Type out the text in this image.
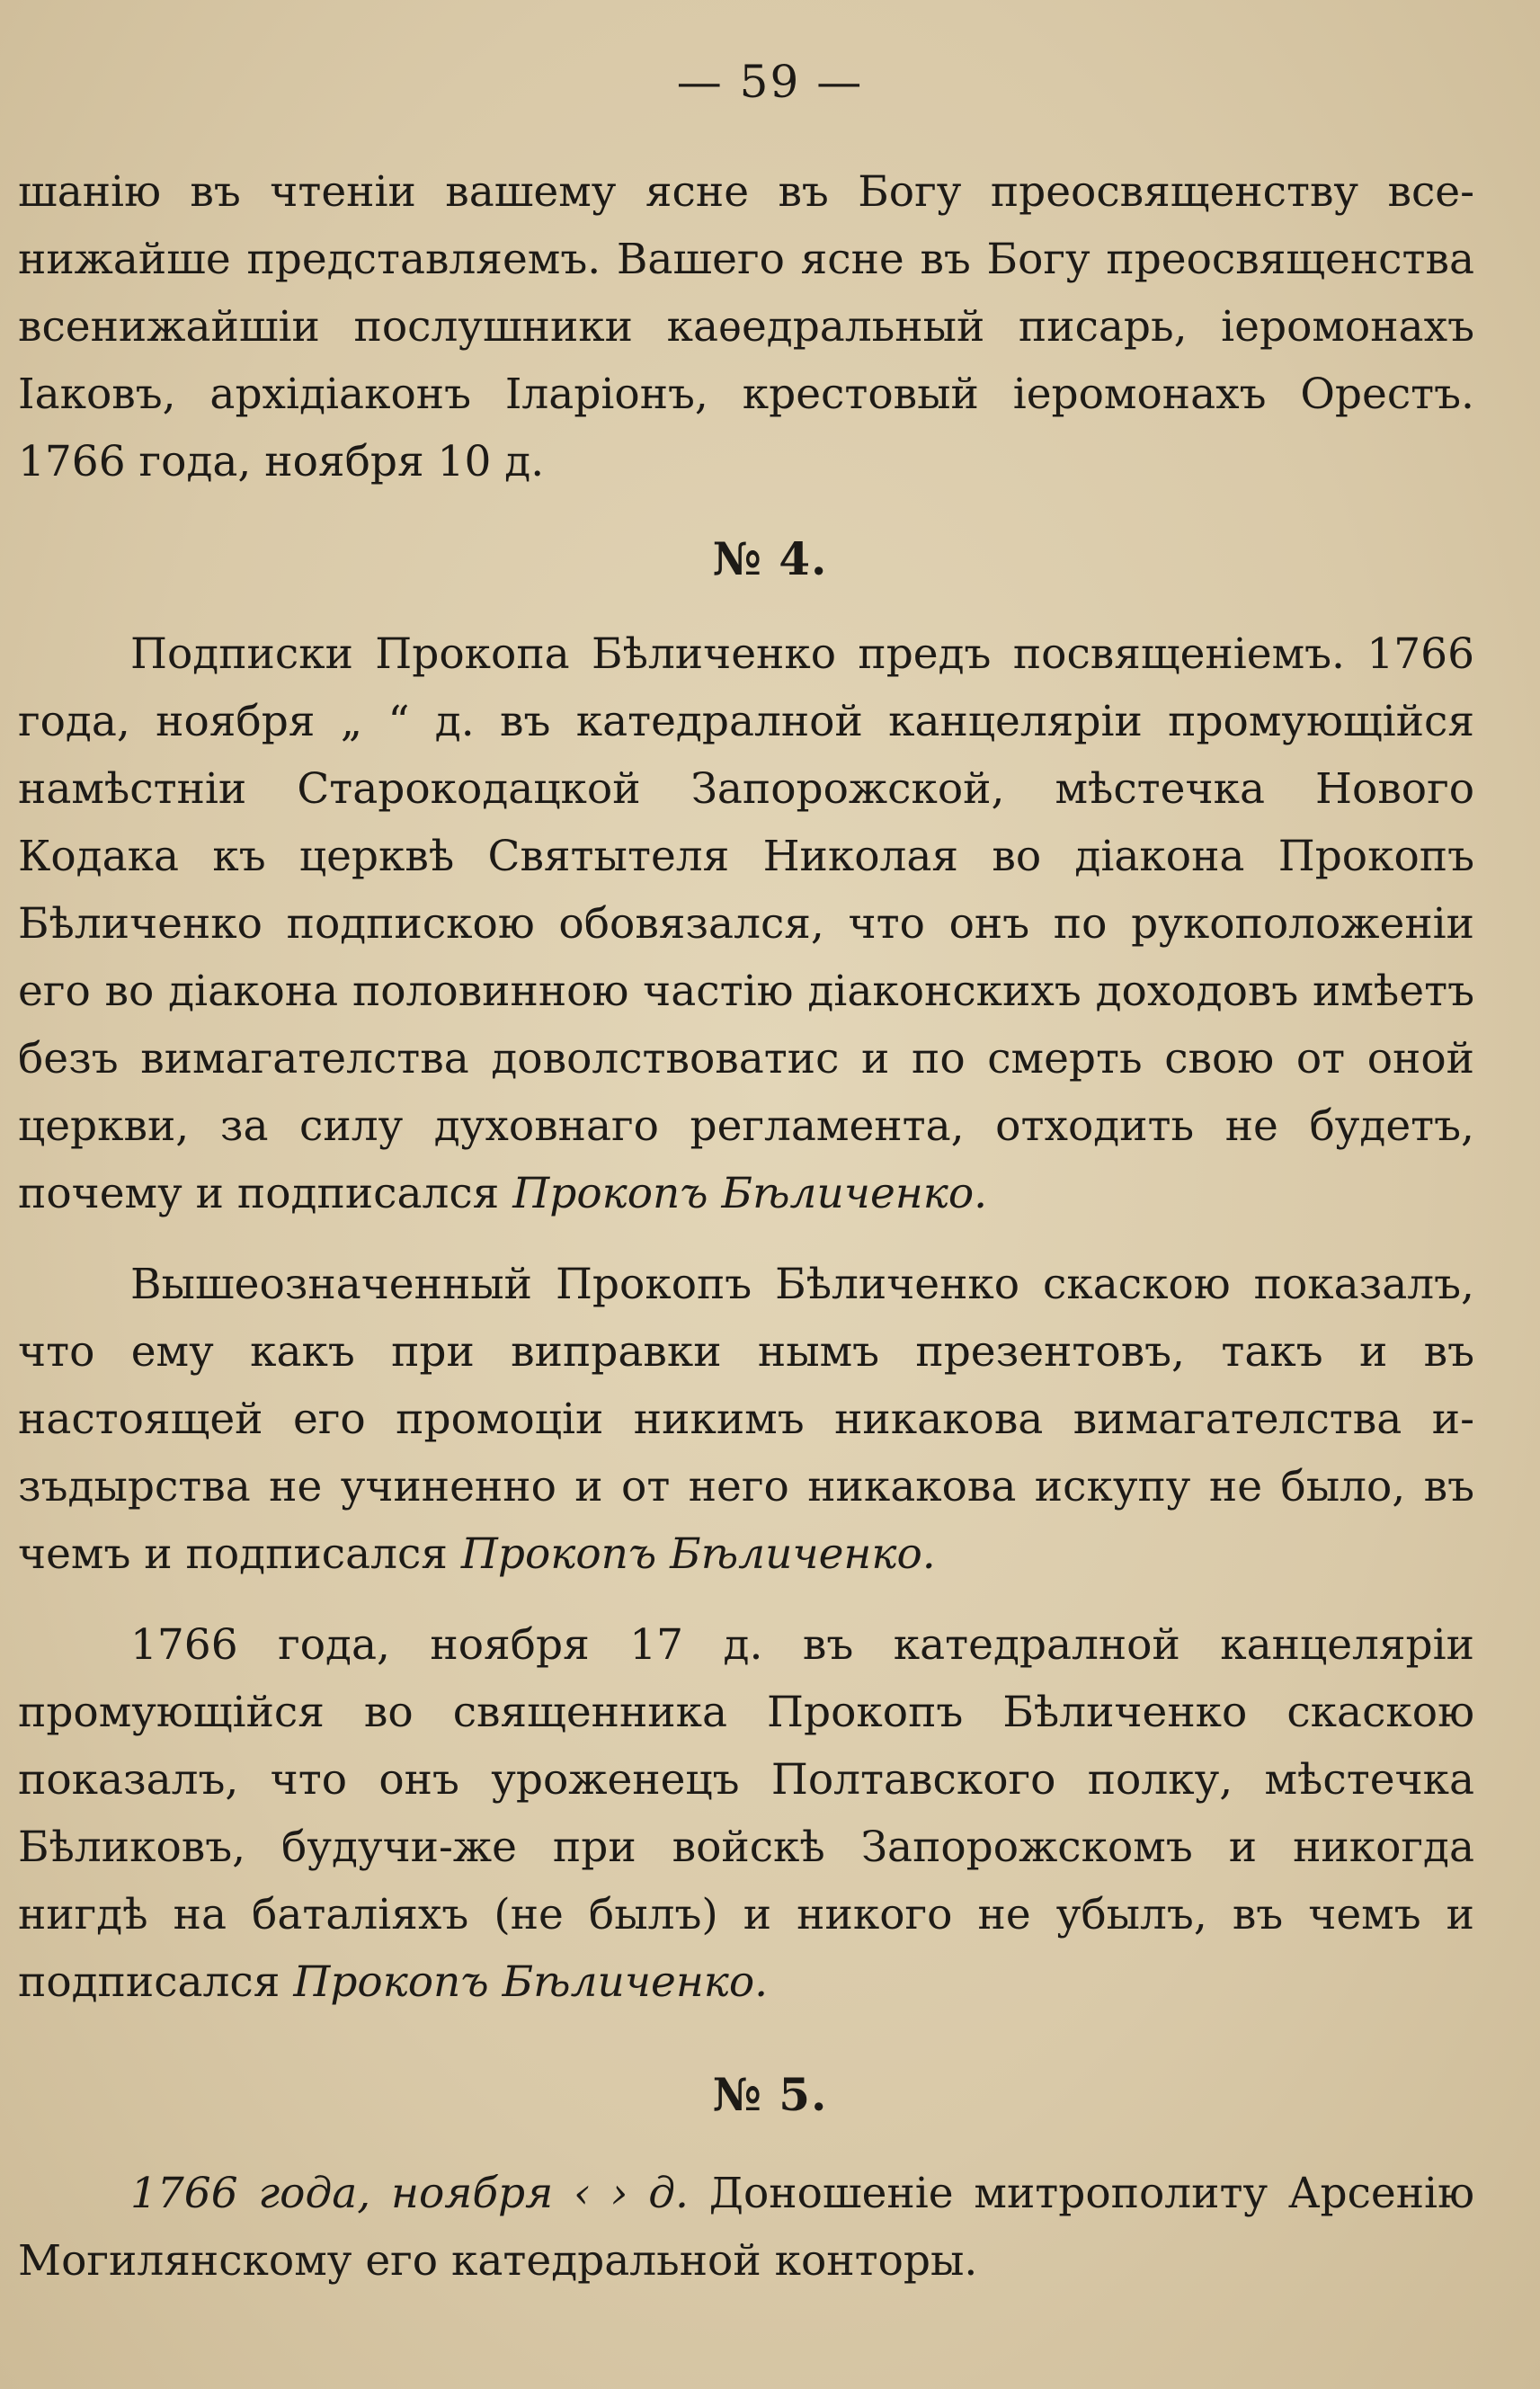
— 59 —

шанію въ чтеніи вашему ясне въ Богу преосвященству всенижайше представляемъ. Вашего ясне въ Богу преосвященства всенижайшіи послушники каѳедральный писарь, іеромонахъ Іаковъ, архідіаконъ Іларіонъ, крестовый іеромонахъ Орестъ. 1766 года, ноября 10 д.

№ 4.

Подписки Прокопа Бѣличенко предъ посвященіемъ. 1766 года, ноября „ “ д. въ катедралной канцеляріи промующійся намѣстніи Старокодацкой Запорожской, мѣстечка Нового Кодака къ церквѣ Святытеля Николая во діакона Прокопъ Бѣличенко подпискою обовязался, что онъ по рукоположеніи его во діакона половинною частію діаконскихъ доходовъ имѣетъ безъ вимагателства доволствоватис и по смерть свою от оной церкви, за силу духовнаго регламента, отходить не будетъ, почему и подписался Прокопъ Бѣличенко.

Вышеозначенный Прокопъ Бѣличенко скаскою показалъ, что ему какъ при виправки нымъ презентовъ, такъ и въ настоящей его промоціи никимъ никакова вимагателства изъдырства не учиненно и от него никакова искупу не было, въ чемъ и подписался Прокопъ Бѣличенко.

1766 года, ноября 17 д. въ катедралной канцеляріи промующійся во священника Прокопъ Бѣличенко скаскою показалъ, что онъ уроженецъ Полтавского полку, мѣстечка Бѣликовъ, будучи-же при войскѣ Запорожскомъ и никогда нигдѣ на баталіяхъ (не былъ) и никого не убылъ, въ чемъ и подписался Прокопъ Бѣличенко.

№ 5.

1766 года, ноября ‹ › д. Доношеніе митрополиту Арсенію Могилянскому его катедральной конторы.
